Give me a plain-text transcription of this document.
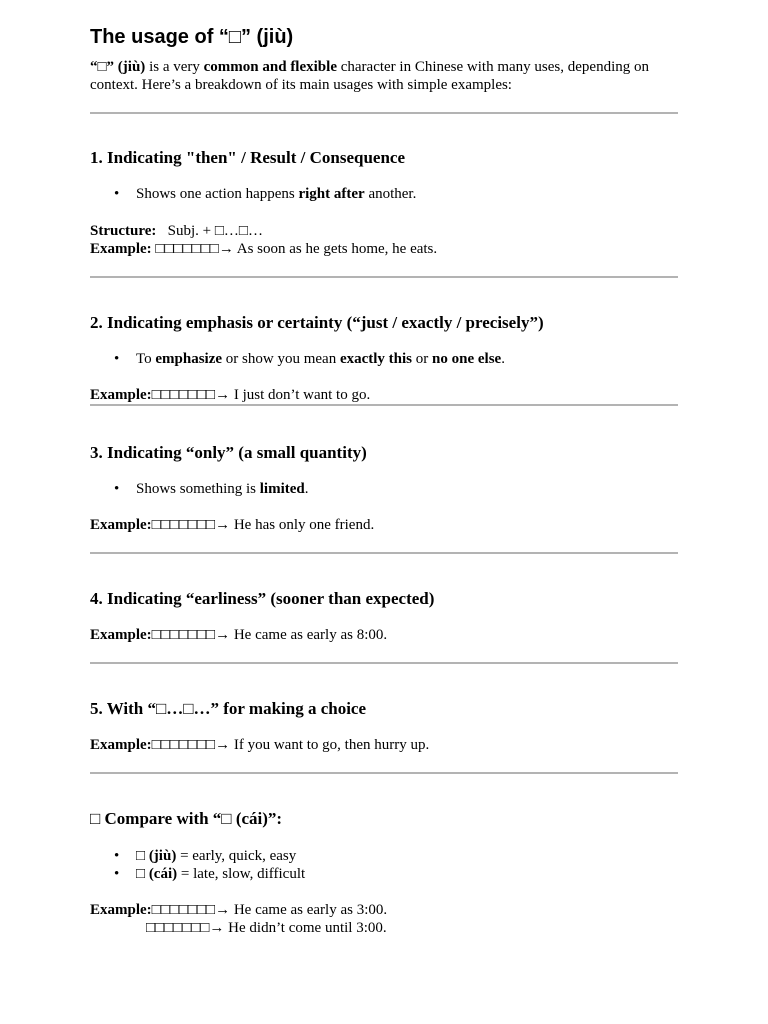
The usage of “□” (jiù)

“□” (jiù) is a very common and flexible character in Chinese with many uses, depending on context. Here’s a breakdown of its main usages with simple examples:

1. Indicating "then" / Result / Consequence

• Shows one action happens right after another.

Structure:   Subj. + □…□…

Example: □□□□□□□→ As soon as he gets home, he eats.

2. Indicating emphasis or certainty (“just / exactly / precisely”)

• To emphasize or show you mean exactly this or no one else.

Example:□□□□□□□→ I just don’t want to go.

3. Indicating “only” (a small quantity)

• Shows something is limited.

Example:□□□□□□□→ He has only one friend.

4. Indicating “earliness” (sooner than expected)

Example:□□□□□□□→ He came as early as 8:00.

5. With “□…□…” for making a choice

Example:□□□□□□□→ If you want to go, then hurry up.

□ Compare with “□ (cái)”:

• □ (jiù) = early, quick, easy

• □ (cái) = late, slow, difficult

Example:□□□□□□□→ He came as early as 3:00.

□□□□□□□→ He didn’t come until 3:00.
